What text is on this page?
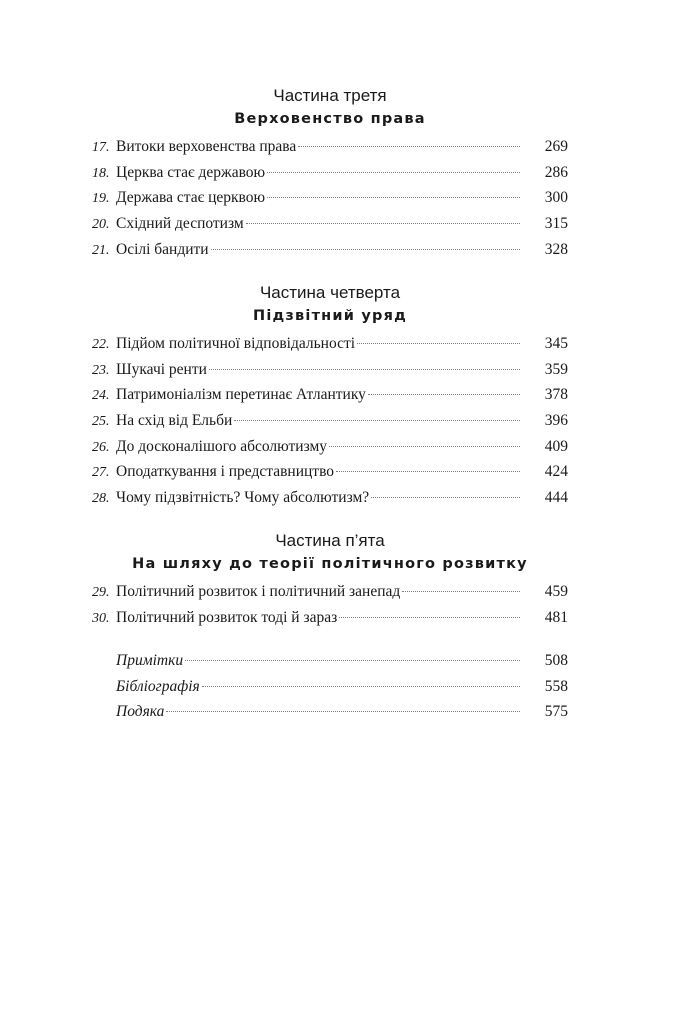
Частина третя

Верховенство права

17. Витоки верховенства права	269
18. Церква стає державою	286
19. Держава стає церквою	300
20. Східний деспотизм	315
21. Осілі бандити	328

Частина четверта

Підзвітний уряд

22. Підйом політичної відповідальності	345
23. Шукачі ренти	359
24. Патримоніалізм перетинає Атлантику	378
25. На схід від Ельби	396
26. До досконалішого абсолютизму	409
27. Оподаткування і представництво	424
28. Чому підзвітність? Чому абсолютизм?	444

Частина п’ята

На шляху до теорії політичного розвитку

29. Політичний розвиток і політичний занепад	459
30. Політичний розвиток тоді й зараз	481
Примітки	508
Бібліографія	558
Подяка	575
